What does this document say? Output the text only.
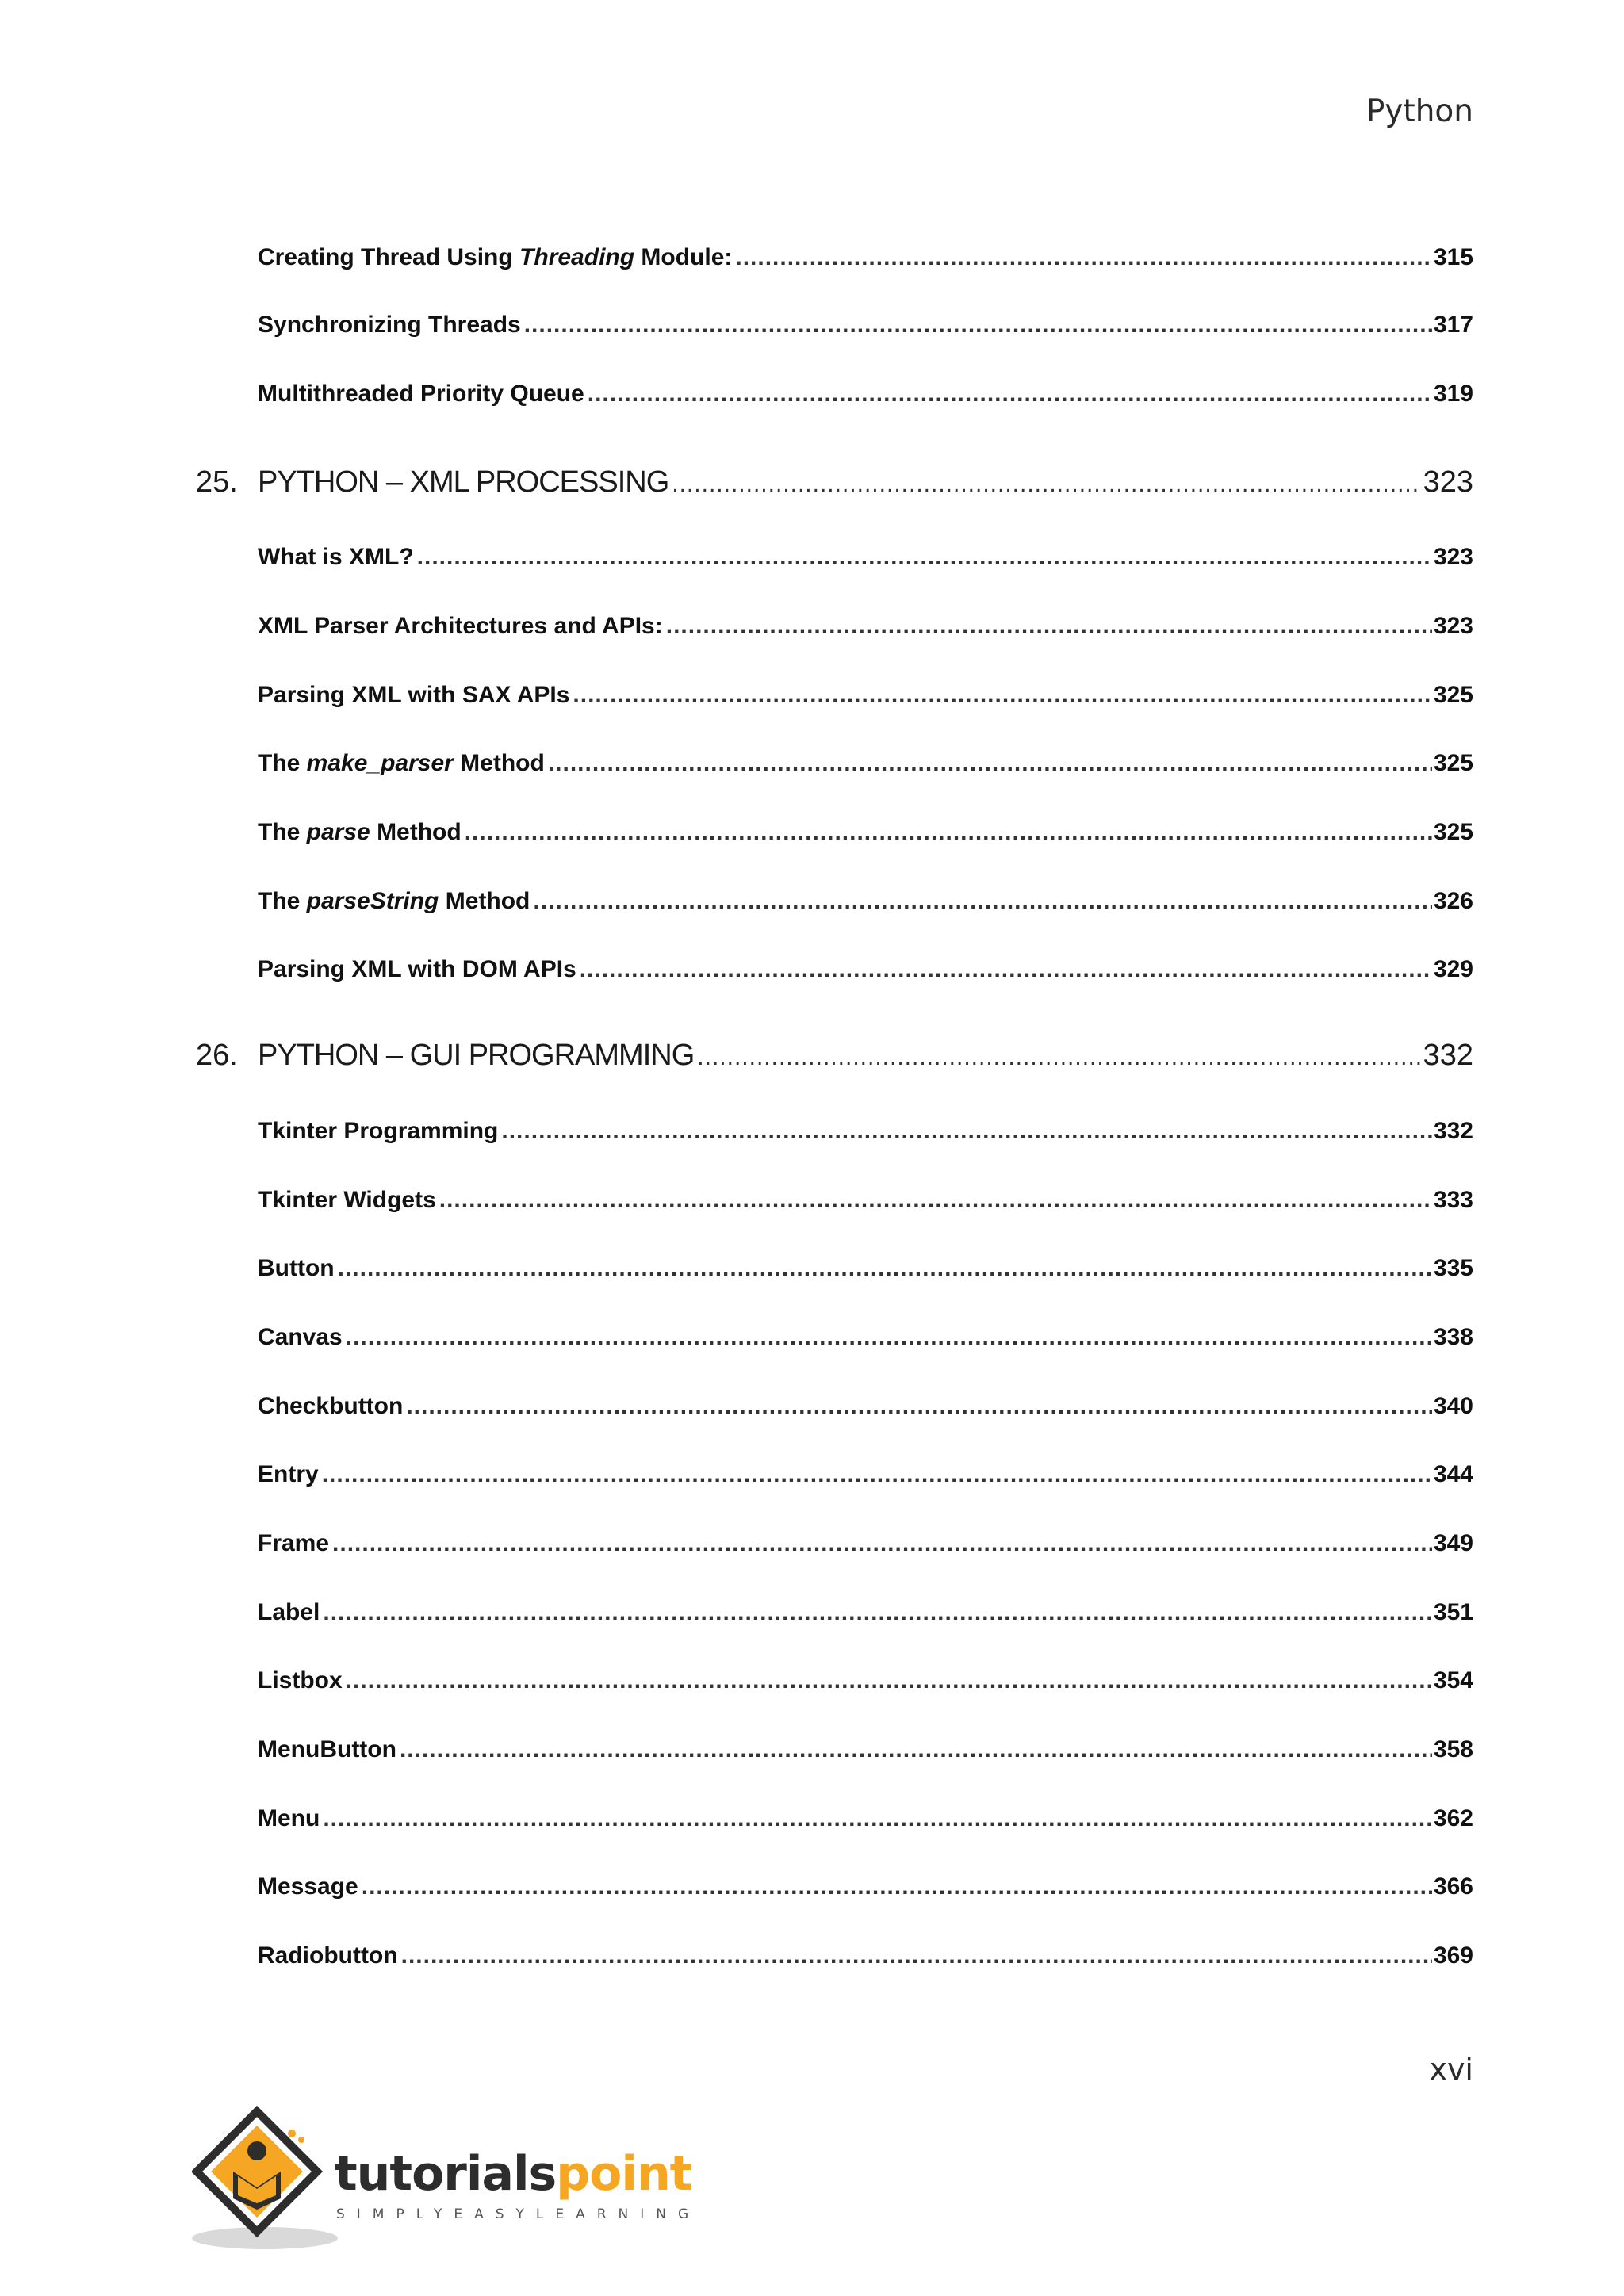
Python
Creating Thread Using Threading Module: .....	315
Synchronizing Threads .....	317
Multithreaded Priority Queue .....	319
25. PYTHON – XML PROCESSING .....	323
What is XML? .....	323
XML Parser Architectures and APIs: .....	323
Parsing XML with SAX APIs .....	325
The make_parser Method .....	325
The parse Method .....	325
The parseString Method .....	326
Parsing XML with DOM APIs .....	329
26. PYTHON – GUI PROGRAMMING .....	332
Tkinter Programming .....	332
Tkinter Widgets .....	333
Button .....	335
Canvas .....	338
Checkbutton .....	340
Entry .....	344
Frame .....	349
Label .....	351
Listbox .....	354
MenuButton .....	358
Menu .....	362
Message .....	366
Radiobutton .....	369
xvi
tutorialspoint
SIMPLYEASYLEARNING
